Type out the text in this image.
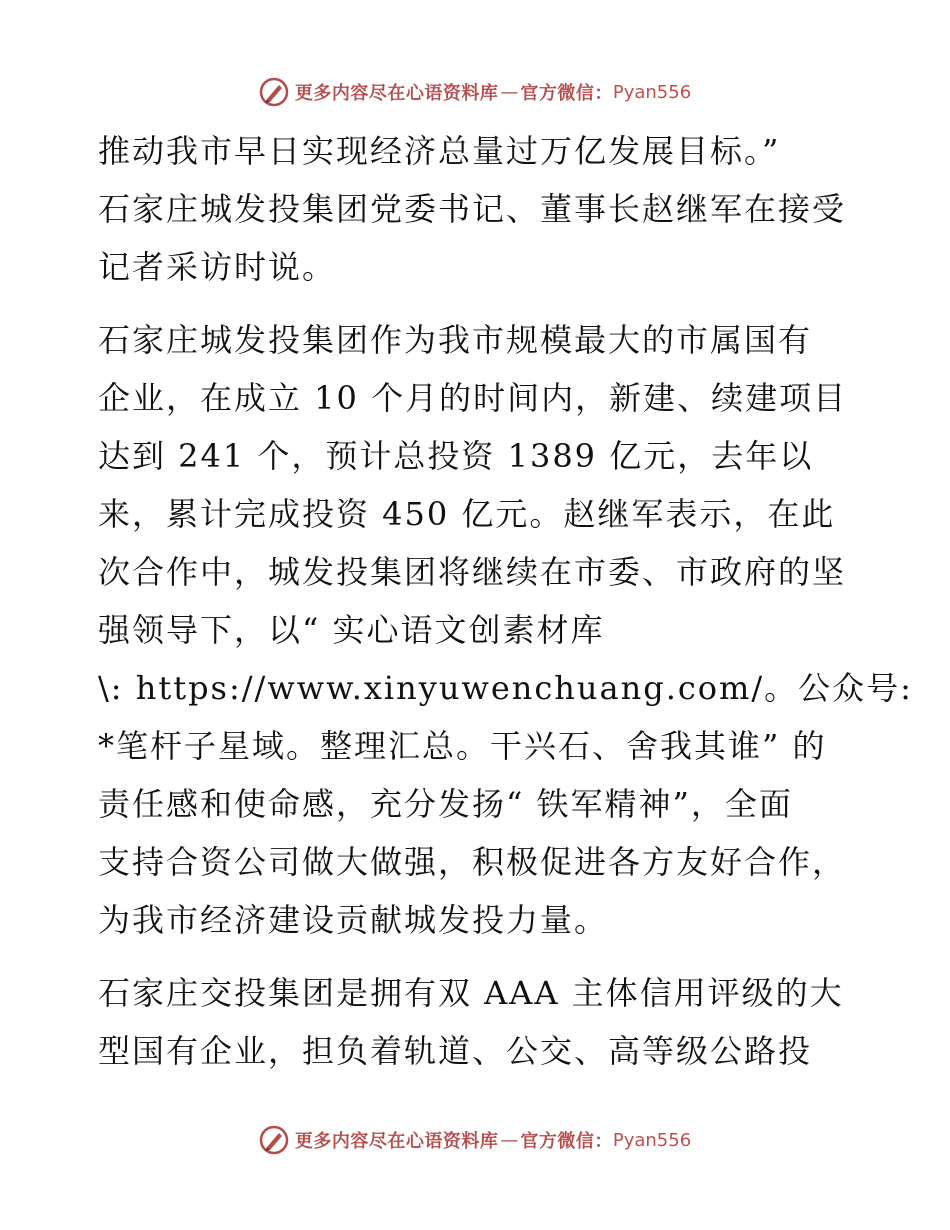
更多内容尽在心语资料库 — 官方微信： Pyan556

推动我市早日实现经济总量过万亿发展目标。”
石家庄城发投集团党委书记、董事长赵继军在接受
记者采访时说。

石家庄城发投集团作为我市规模最大的市属国有
企业，在成立 10 个月的时间内，新建、续建项目
达到 241 个，预计总投资 1389 亿元，去年以
来，累计完成投资 450 亿元。赵继军表示，在此
次合作中，城发投集团将继续在市委、市政府的坚
强领导下，以“ 实心语文创素材库
\: https://www.xinyuwenchuang.com/。公众号:
*笔杆子星域。整理汇总。干兴石、舍我其谁” 的
责任感和使命感，充分发扬“ 铁军精神”，全面
支持合资公司做大做强，积极促进各方友好合作，
为我市经济建设贡献城发投力量。

石家庄交投集团是拥有双 AAA 主体信用评级的大
型国有企业，担负着轨道、公交、高等级公路投

更多内容尽在心语资料库 — 官方微信： Pyan556
